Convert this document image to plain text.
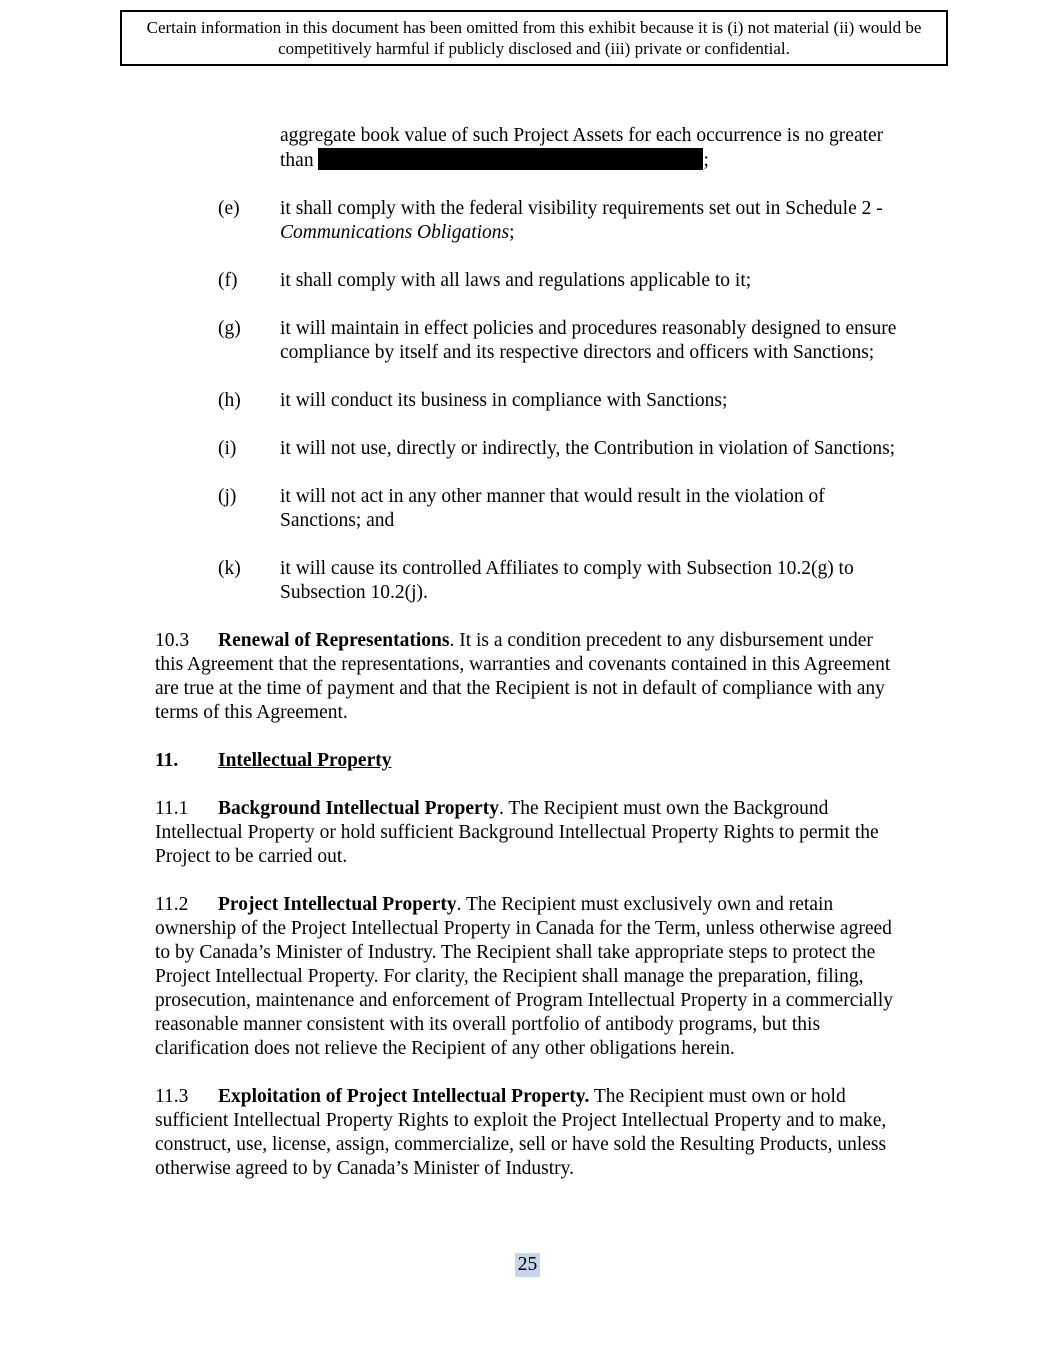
Certain information in this document has been omitted from this exhibit because it is (i) not material (ii) would be competitively harmful if publicly disclosed and (iii) private or confidential.

aggregate book value of such Project Assets for each occurrence is no greater than	;

(e) it shall comply with the federal visibility requirements set out in Schedule 2 - Communications Obligations;
(f) it shall comply with all laws and regulations applicable to it;
(g) it will maintain in effect policies and procedures reasonably designed to ensure compliance by itself and its respective directors and officers with Sanctions;
(h) it will conduct its business in compliance with Sanctions;
(i) it will not use, directly or indirectly, the Contribution in violation of Sanctions;
(j) it will not act in any other manner that would result in the violation of Sanctions; and
(k) it will cause its controlled Affiliates to comply with Subsection 10.2(g) to Subsection 10.2(j).

10.3 Renewal of Representations. It is a condition precedent to any disbursement under this Agreement that the representations, warranties and covenants contained in this Agreement are true at the time of payment and that the Recipient is not in default of compliance with any terms of this Agreement.

11. Intellectual Property

11.1 Background Intellectual Property. The Recipient must own the Background Intellectual Property or hold sufficient Background Intellectual Property Rights to permit the Project to be carried out.

11.2 Project Intellectual Property. The Recipient must exclusively own and retain ownership of the Project Intellectual Property in Canada for the Term, unless otherwise agreed to by Canada’s Minister of Industry. The Recipient shall take appropriate steps to protect the Project Intellectual Property. For clarity, the Recipient shall manage the preparation, filing, prosecution, maintenance and enforcement of Program Intellectual Property in a commercially reasonable manner consistent with its overall portfolio of antibody programs, but this clarification does not relieve the Recipient of any other obligations herein.

11.3 Exploitation of Project Intellectual Property. The Recipient must own or hold sufficient Intellectual Property Rights to exploit the Project Intellectual Property and to make, construct, use, license, assign, commercialize, sell or have sold the Resulting Products, unless otherwise agreed to by Canada’s Minister of Industry.

25
